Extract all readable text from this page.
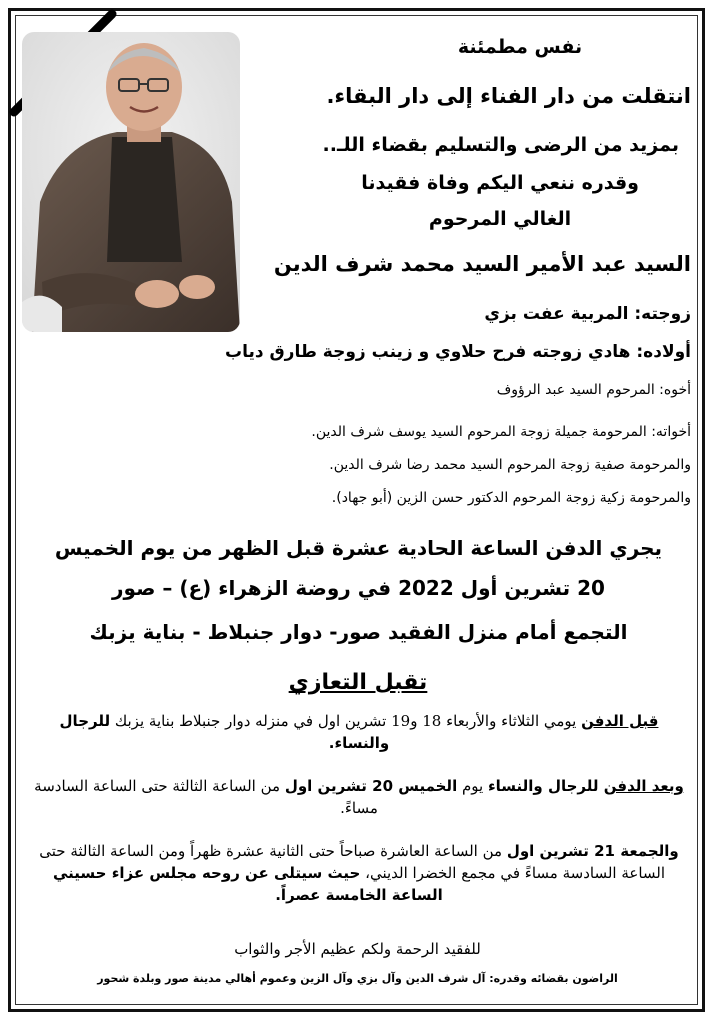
نفس مطمئنة
انتقلت من دار الفناء إلى دار البقاء.
بمزيد من الرضى والتسليم بقضاء اللـ..
وقدره ننعي اليكم وفاة فقيدنا
الغالي المرحوم
السيد عبد الأمير السيد محمد شرف الدين
زوجته: المربية عفت بزي
أولاده: هادي زوجته فرح حلاوي و زينب زوجة طارق دياب
أخوه: المرحوم السيد عبد الرؤوف
أخواته: المرحومة جميلة زوجة المرحوم السيد يوسف شرف الدين.
والمرحومة صفية زوجة المرحوم السيد محمد رضا شرف الدين.
والمرحومة زكية زوجة المرحوم الدكتور حسن الزين (أبو جهاد).
يجري الدفن الساعة الحادية عشرة قبل الظهر من يوم الخميس
20 تشرين أول 2022 في روضة الزهراء (ع) – صور
التجمع أمام منزل الفقيد صور- دوار جنبلاط - بناية يزبك
تقبل التعازي
قبل الدفن يومي الثلاثاء والأربعاء 18 و19 تشرين اول في منزله دوار جنبلاط بناية يزبك للرجال والنساء.
وبعد الدفن للرجال والنساء يوم الخميس 20 تشرين اول من الساعة الثالثة حتى الساعة السادسة مساءً.
والجمعة 21 تشرين اول من الساعة العاشرة صباحاً حتى الثانية عشرة ظهراً ومن الساعة الثالثة حتى الساعة السادسة مساءً في مجمع الخضرا الديني، حيث سيتلى عن روحه مجلس عزاء حسيني الساعة الخامسة عصراً.
للفقيد الرحمة ولكم عظيم الأجر والثواب
الراضون بقضائه وقدره: آل شرف الدين وآل بزي وآل الزين وعموم أهالي مدينة صور وبلدة شحور
